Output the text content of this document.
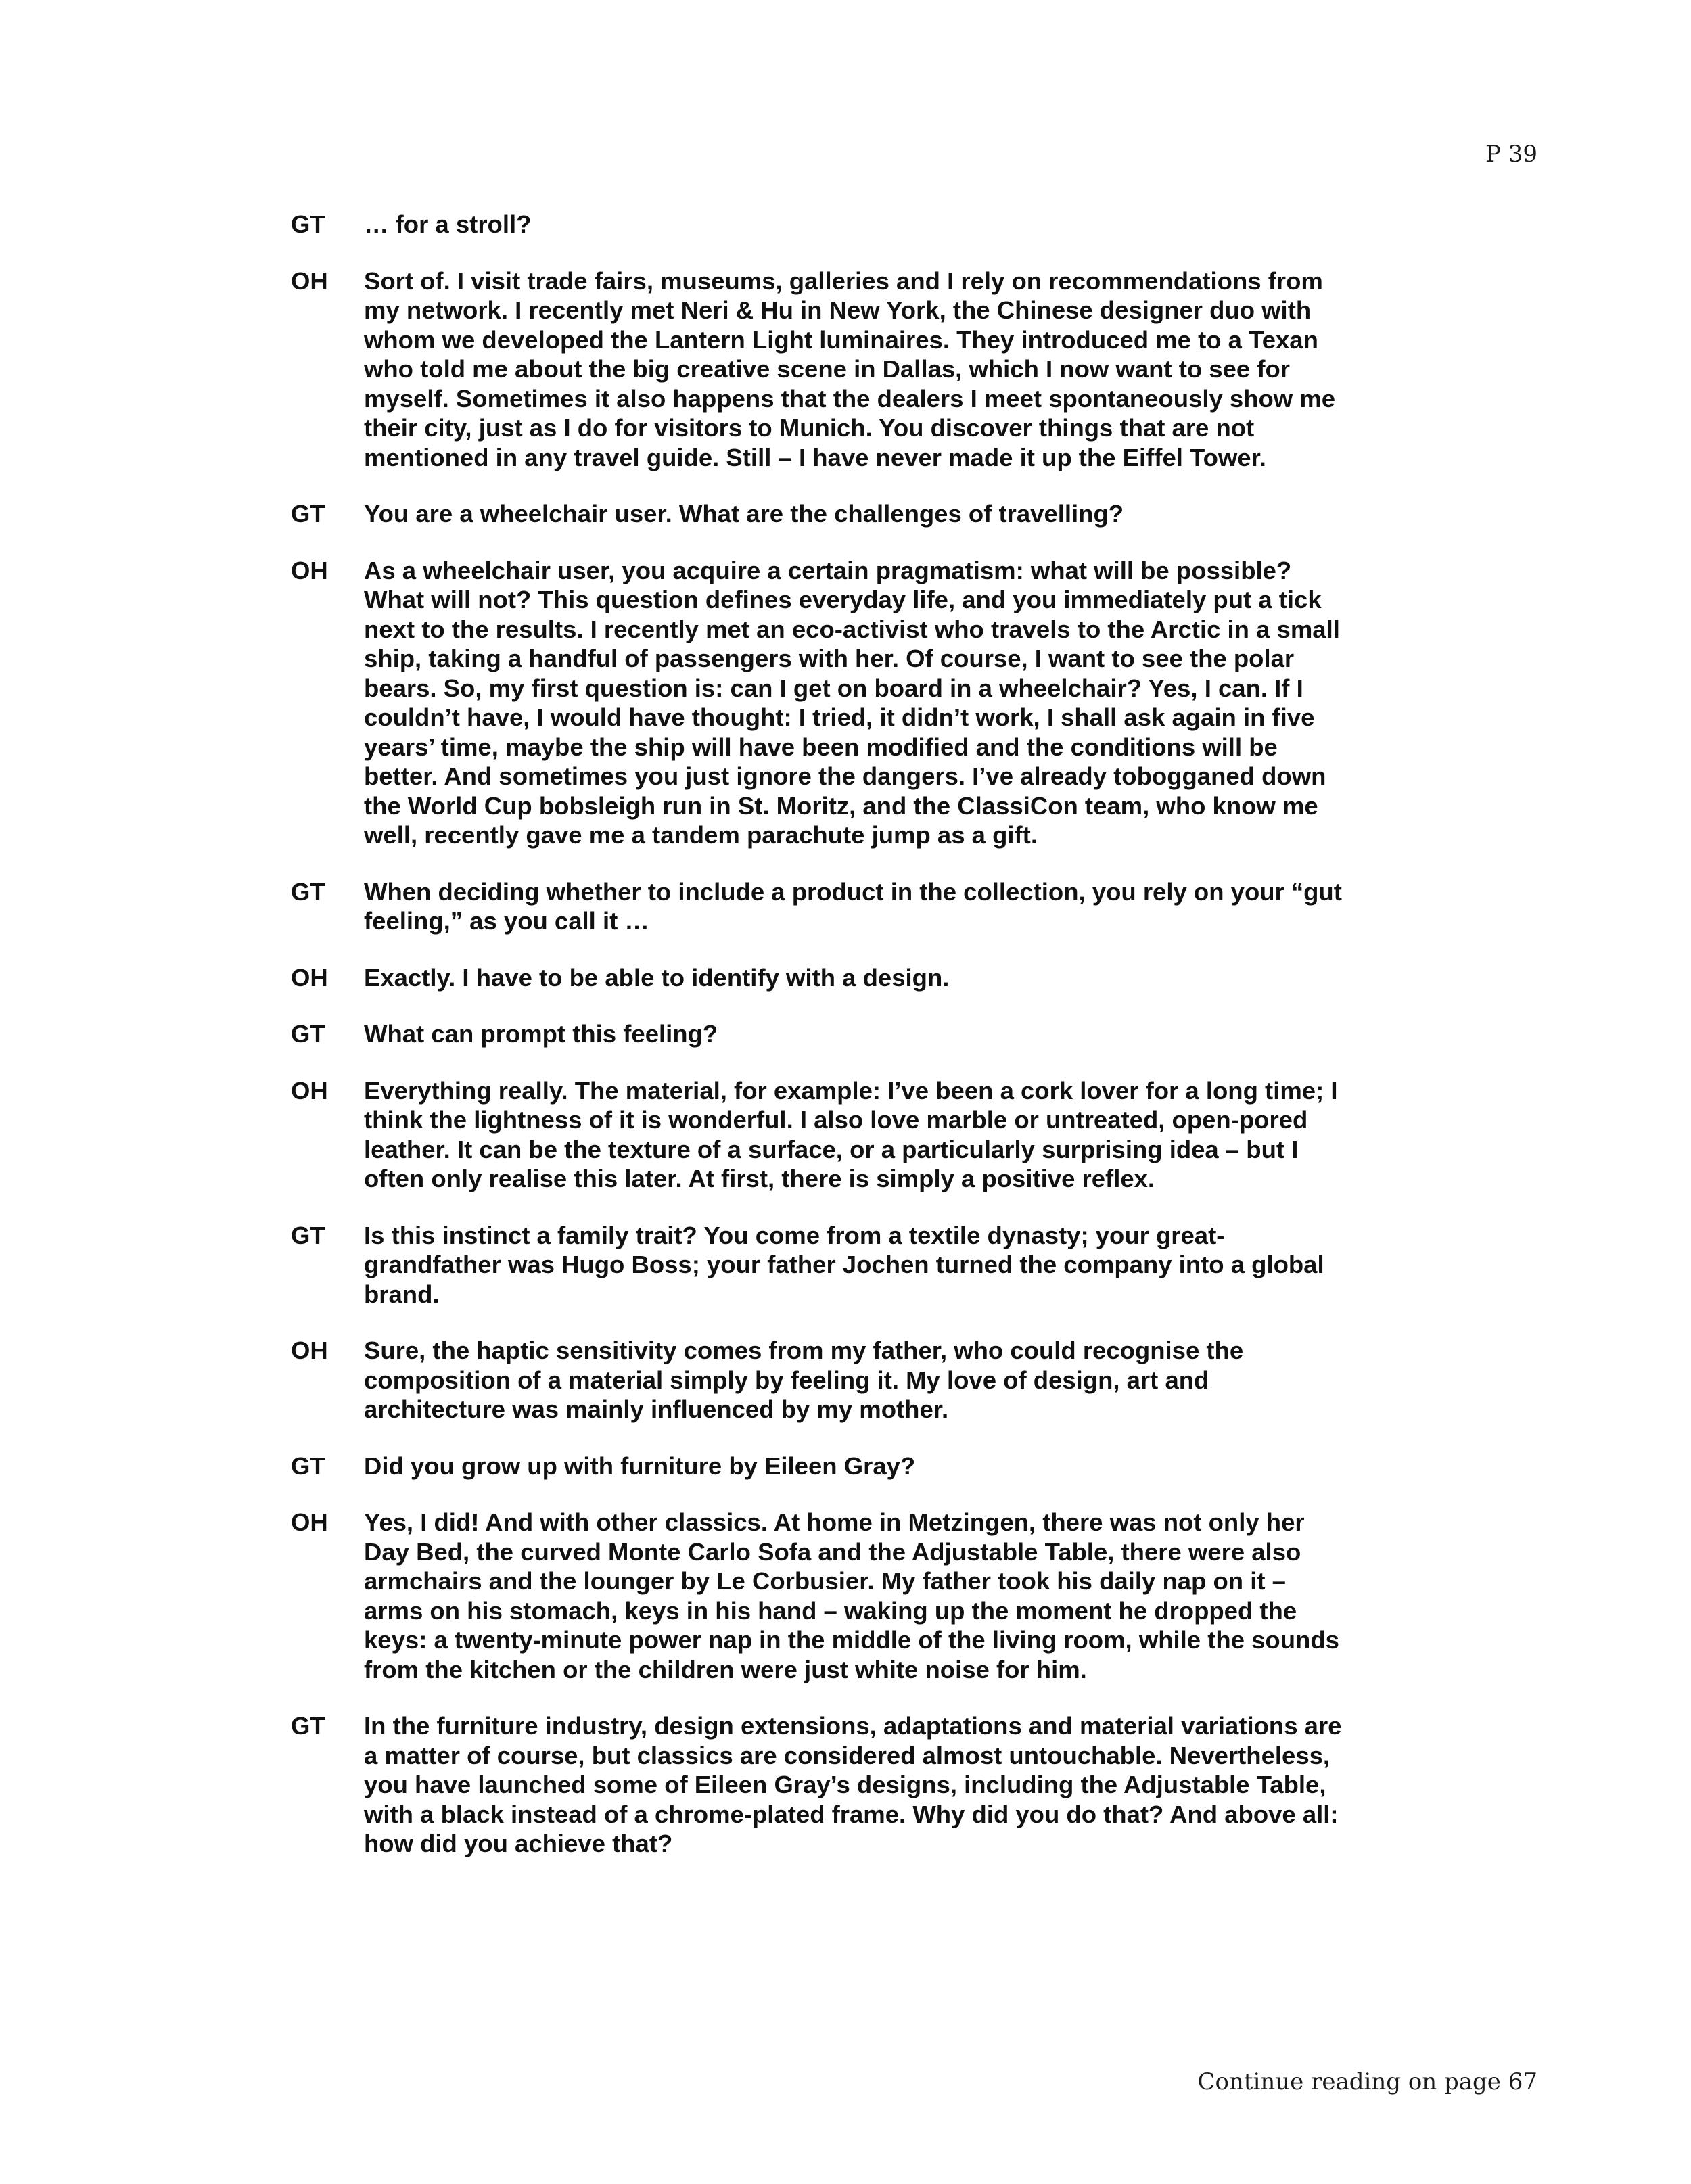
P 39
GT	… for a stroll?
OH	Sort of. I visit trade fairs, museums, galleries and I rely on recommendations from my network. I recently met Neri & Hu in New York, the Chinese designer duo with whom we developed the Lantern Light luminaires. They introduced me to a Texan who told me about the big creative scene in Dallas, which I now want to see for myself. Sometimes it also happens that the dealers I meet spontaneously show me their city, just as I do for visitors to Munich. You discover things that are not mentioned in any travel guide. Still – I have never made it up the Eiffel Tower.
GT	You are a wheelchair user. What are the challenges of travelling?
OH	As a wheelchair user, you acquire a certain pragmatism: what will be possible? What will not? This question defines everyday life, and you immediately put a tick next to the results. I recently met an eco-activist who travels to the Arctic in a small ship, taking a handful of passengers with her. Of course, I want to see the polar bears. So, my first question is: can I get on board in a wheelchair? Yes, I can. If I couldn’t have, I would have thought: I tried, it didn’t work, I shall ask again in five years’ time, maybe the ship will have been modified and the conditions will be better. And sometimes you just ignore the dangers. I’ve already tobogganed down the World Cup bobsleigh run in St. Moritz, and the ClassiCon team, who know me well, recently gave me a tandem parachute jump as a gift.
GT	When deciding whether to include a product in the collection, you rely on your “gut feeling,” as you call it …
OH	Exactly. I have to be able to identify with a design.
GT	What can prompt this feeling?
OH	Everything really. The material, for example: I’ve been a cork lover for a long time; I think the lightness of it is wonderful. I also love marble or untreated, open-pored leather. It can be the texture of a surface, or a particularly surprising idea – but I often only realise this later. At first, there is simply a positive reflex.
GT	Is this instinct a family trait? You come from a textile dynasty; your great-grandfather was Hugo Boss; your father Jochen turned the company into a global brand.
OH	Sure, the haptic sensitivity comes from my father, who could recognise the composition of a material simply by feeling it. My love of design, art and architecture was mainly influenced by my mother.
GT	Did you grow up with furniture by Eileen Gray?
OH	Yes, I did! And with other classics. At home in Metzingen, there was not only her Day Bed, the curved Monte Carlo Sofa and the Adjustable Table, there were also armchairs and the lounger by Le Corbusier. My father took his daily nap on it – arms on his stomach, keys in his hand – waking up the moment he dropped the keys: a twenty-minute power nap in the middle of the living room, while the sounds from the kitchen or the children were just white noise for him.
GT	In the furniture industry, design extensions, adaptations and material variations are a matter of course, but classics are considered almost untouchable. Nevertheless, you have launched some of Eileen Gray’s designs, including the Adjustable Table, with a black instead of a chrome-plated frame. Why did you do that? And above all: how did you achieve that?
Continue reading on page 67
